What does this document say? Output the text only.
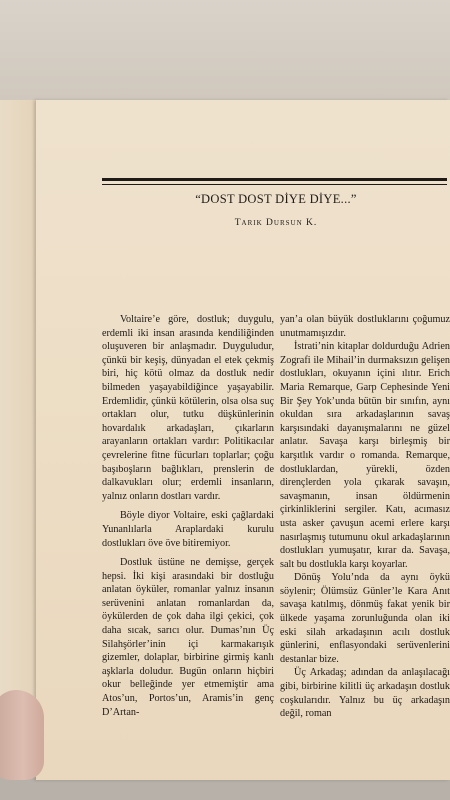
“DOST DOST DİYE DİYE...”
Tarık Dursun K.

Voltaire’e göre, dostluk; duygulu, erdemli iki insan arasında kendiliğinden oluşuveren bir anlaşmadır. Duyguludur, çünkü bir keşiş, dünyadan el etek çekmiş biri, hiç kötü olmaz da dostluk nedir bilmeden yaşayabildiğince yaşayabilir. Erdemlidir, çünkü kötülerin, olsa olsa suç ortakları olur, tutku düşkünlerinin hovardalık arkadaşları, çıkarların arayanların ortakları vardır: Politikacılar çevrelerine fitne fücurları toplarlar; çoğu başıboşların bağlıkları, prenslerin de dalkavukları olur; erdemli insanların, yalnız onların dostları vardır.

Böyle diyor Voltaire, eski çağlardaki Yunanlılarla Araplardaki kurulu dostlukları öve öve bitiremiyor.

Dostluk üstüne ne demişse, gerçek hepsi. İki kişi arasındaki bir dostluğu anlatan öyküler, romanlar yalnız insanın serüvenini anlatan romanlardan da, öykülerden de çok daha ilgi çekici, çok daha sıcak, sarıcı olur. Dumas’nın Üç Silahşörler’inin içi karmakarışık gizemler, dolaplar, birbirine girmiş kanlı aşklarla doludur. Bugün onların hiçbiri okur belleğinde yer etmemiştir ama Atos’un, Portos’un, Aramis’in genç D’Artan-

yan’a olan büyük dostluklarını çoğumuz unutmamışızdır.

İstrati’nin kitaplar doldurduğu Adrien Zografi ile Mihail’in durmaksızın gelişen dostlukları, okuyanın içini ılıtır. Erich Maria Remarque, Garp Cephesinde Yeni Bir Şey Yok’unda bütün bir sınıfın, aynı okuldan sıra arkadaşlarının savaş karşısındaki dayanışmalarını ne güzel anlatır. Savaşa karşı birleşmiş bir karşıtlık vardır o romanda. Remarque, dostluklardan, yürekli, özden dirençlerden yola çıkarak savaşın, savaşmanın, insan öldürmenin çirkinliklerini sergiler. Katı, acımasız usta asker çavuşun acemi erlere karşı nasırlaşmış tutumunu okul arkadaşlarının dostlukları yumuşatır, kırar da. Savaşa, salt bu dostlukla karşı koyarlar.

Dönüş Yolu’nda da aynı öykü söylenir; Ölümsüz Günler’le Kara Anıt savaşa katılmış, dönmüş fakat yenik bir ülkede yaşama zorunluğunda olan iki eski silah arkadaşının acılı dostluk günlerini, enflasyondaki serüvenlerini destanlar bize.

Üç Arkadaş; adından da anlaşılacağı gibi, birbirine kilitli üç arkadaşın dostluk coşkularıdır. Yalnız bu üç arkadaşın değil, roman
